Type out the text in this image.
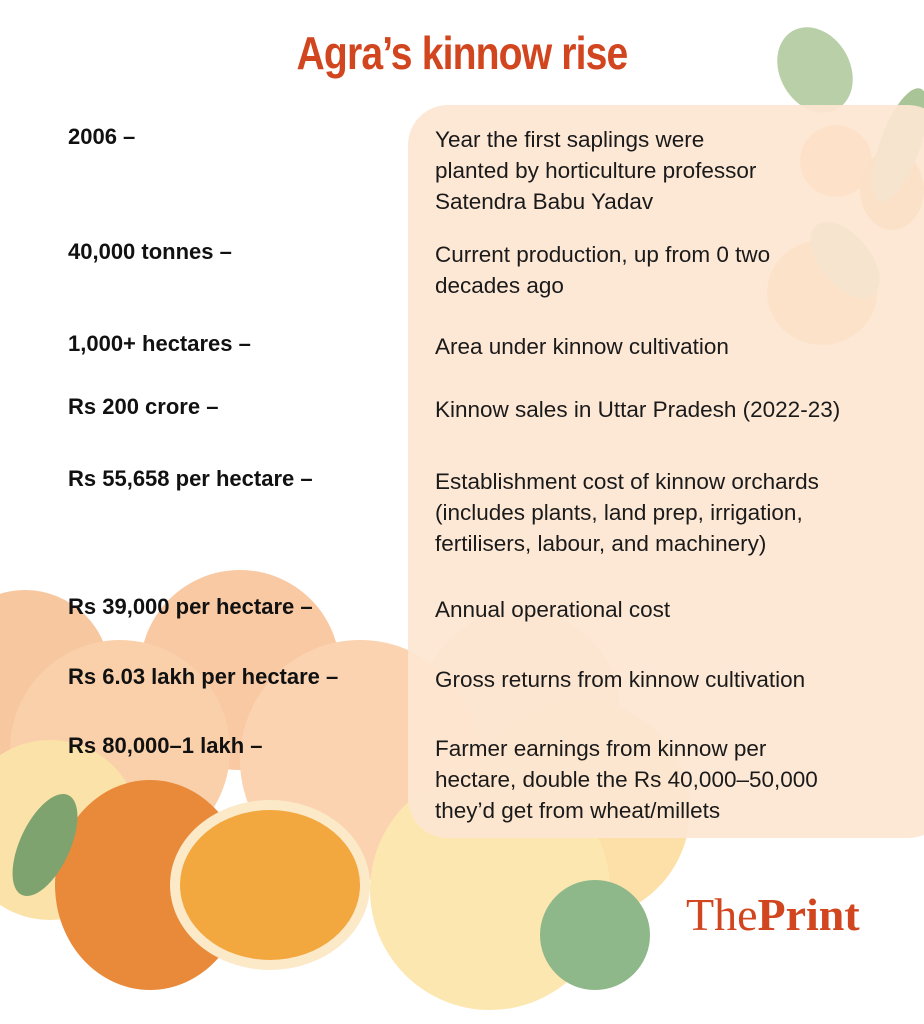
Agra’s kinnow rise
2006 –	Year the first saplings were
planted by horticulture professor
Satendra Babu Yadav
40,000 tonnes –	Current production, up from 0 two
decades ago
1,000+ hectares –	Area under kinnow cultivation
Rs 200 crore –	Kinnow sales in Uttar Pradesh (2022-23)
Rs 55,658 per hectare –	Establishment cost of kinnow orchards
(includes plants, land prep, irrigation,
fertilisers, labour, and machinery)
Rs 39,000 per hectare –	Annual operational cost
Rs 6.03 lakh per hectare –	Gross returns from kinnow cultivation
Rs 80,000–1 lakh –	Farmer earnings from kinnow per
hectare, double the Rs 40,000–50,000
they’d get from wheat/millets
ThePrint
